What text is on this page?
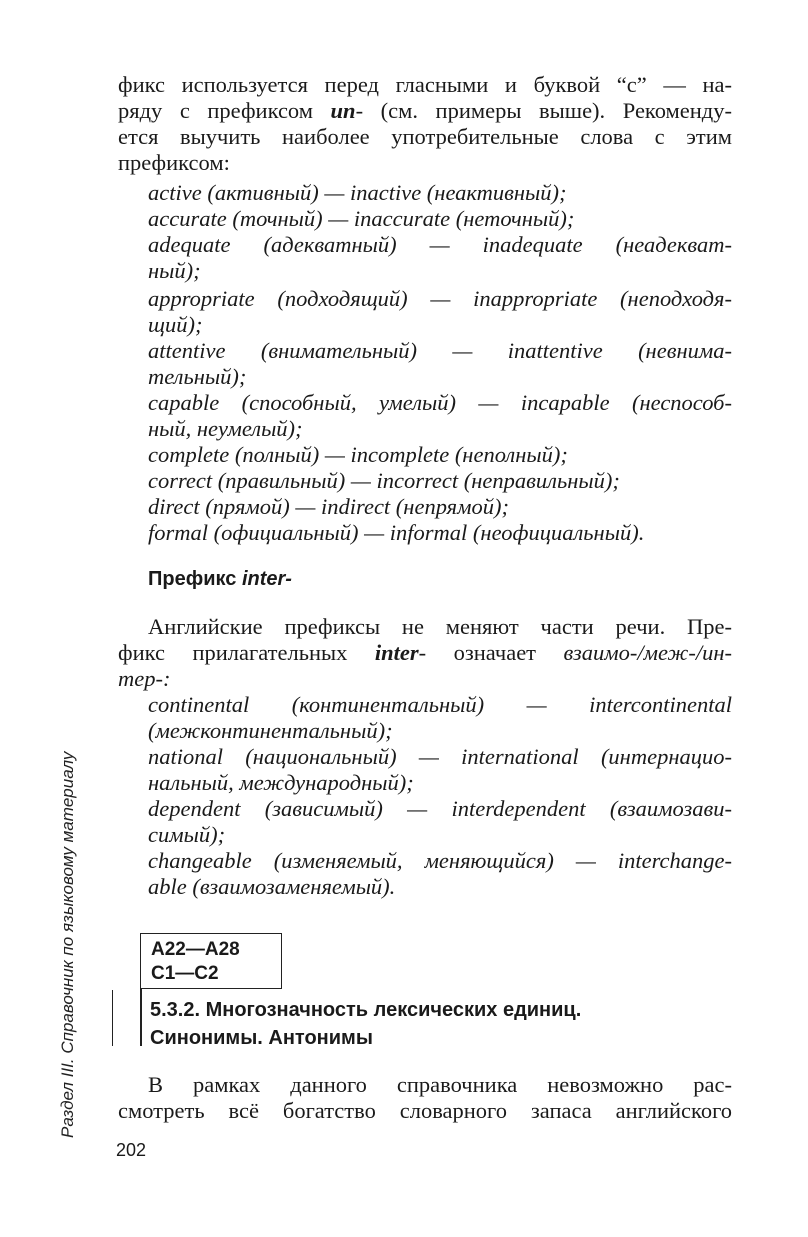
Раздел III. Справочник по языковому материалу
фикс используется перед гласными и буквой “с” — на-
ряду с префиксом un- (см. примеры выше). Рекоменду-
ется выучить наиболее употребительные слова с этим
префиксом:
active (активный) — inactive (неактивный);
accurate (точный) — inaccurate (неточный);
adequate (адекватный) — inadequate (неадекват-
ный);
appropriate (подходящий) — inappropriate (неподходя-
щий);
attentive (внимательный) — inattentive (невнима-
тельный);
capable (способный, умелый) — incapable (неспособ-
ный, неумелый);
complete (полный) — incomplete (неполный);
correct (правильный) — incorrect (неправильный);
direct (прямой) — indirect (непрямой);
formal (официальный) — informal (неофициальный).
Префикс inter-
Английские префиксы не меняют части речи. Пре-
фикс прилагательных inter- означает взаимо-/меж-/ин-
тер-:
continental (континентальный) — intercontinental
(межконтинентальный);
national (национальный) — international (интернацио-
нальный, международный);
dependent (зависимый) — interdependent (взаимозави-
симый);
changeable (изменяемый, меняющийся) — interchange-
able (взаимозаменяемый).
A22—A28
C1—C2
5.3.2. Многозначность лексических единиц.
Синонимы. Антонимы
В рамках данного справочника невозможно рас-
смотреть всё богатство словарного запаса английского
202
